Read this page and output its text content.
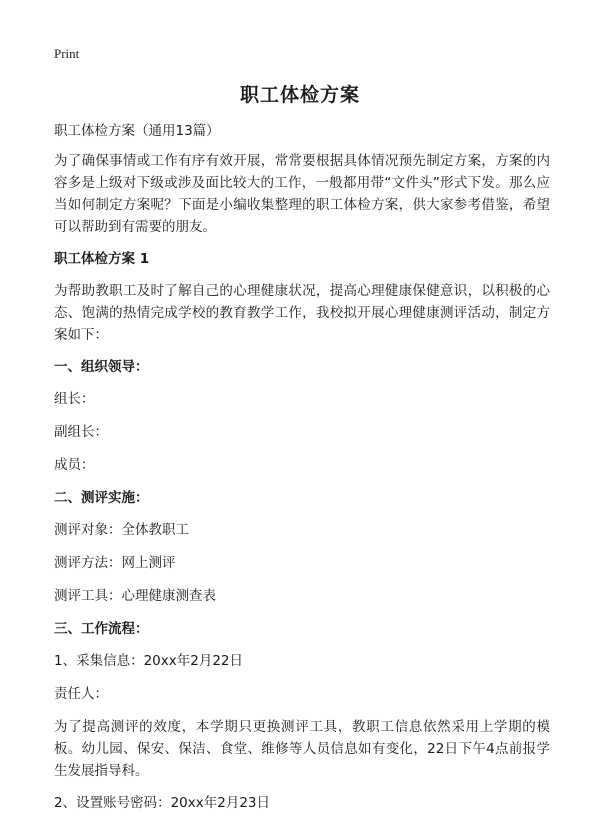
Print
职工体检方案

职工体检方案（通用13篇）

为了确保事情或工作有序有效开展，常常要根据具体情况预先制定方案，方案的内容多是上级对下级或涉及面比较大的工作，一般都用带“文件头”形式下发。那么应当如何制定方案呢？下面是小编收集整理的职工体检方案，供大家参考借鉴，希望可以帮助到有需要的朋友。

职工体检方案 1

为帮助教职工及时了解自己的心理健康状况，提高心理健康保健意识，以积极的心态、饱满的热情完成学校的教育教学工作，我校拟开展心理健康测评活动，制定方案如下：

一、组织领导：

组长：

副组长：

成员：

二、测评实施：

测评对象：全体教职工

测评方法：网上测评

测评工具：心理健康测查表

三、工作流程：

1、采集信息：20xx年2月22日

责任人：

为了提高测评的效度，本学期只更换测评工具，教职工信息依然采用上学期的模板。幼儿园、保安、保洁、食堂、维修等人员信息如有变化，22日下午4点前报学生发展指导科。

2、设置账号密码：20xx年2月23日
